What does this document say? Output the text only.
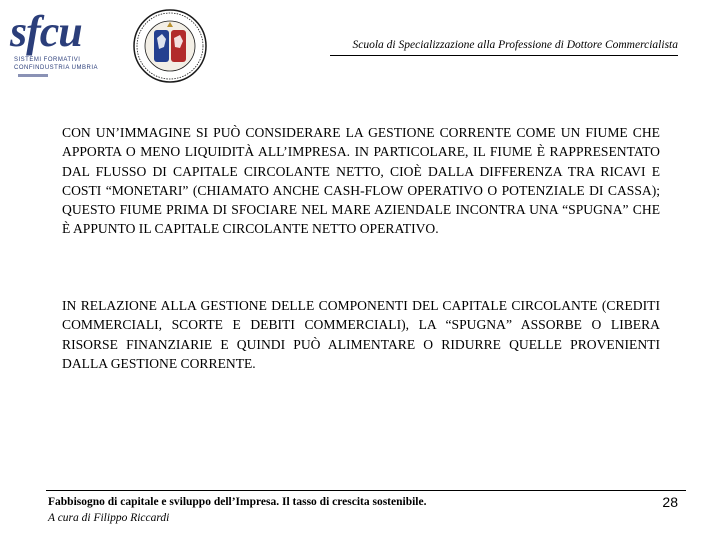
sfcu
SISTEMI FORMATIVI CONFINDUSTRIA UMBRIA
Scuola di Specializzazione alla Professione di Dottore Commercialista
CON UN’IMMAGINE SI PUÒ CONSIDERARE LA GESTIONE CORRENTE COME UN FIUME CHE APPORTA O MENO LIQUIDITÀ ALL’IMPRESA. IN PARTICOLARE, IL FIUME È RAPPRESENTATO DAL FLUSSO DI CAPITALE CIRCOLANTE NETTO, CIOÈ DALLA DIFFERENZA TRA RICAVI E COSTI “MONETARI” (CHIAMATO ANCHE CASH-FLOW OPERATIVO O POTENZIALE DI CASSA); QUESTO FIUME PRIMA DI SFOCIARE NEL MARE AZIENDALE INCONTRA UNA “SPUGNA” CHE È APPUNTO IL CAPITALE CIRCOLANTE NETTO OPERATIVO.
IN RELAZIONE ALLA GESTIONE DELLE COMPONENTI DEL CAPITALE CIRCOLANTE (CREDITI COMMERCIALI, SCORTE E DEBITI COMMERCIALI), LA “SPUGNA” ASSORBE O LIBERA RISORSE FINANZIARIE E QUINDI PUÒ ALIMENTARE O RIDURRE QUELLE PROVENIENTI DALLA GESTIONE CORRENTE.
Fabbisogno di capitale e sviluppo dell’Impresa. Il tasso di crescita sostenibile.
A cura di Filippo Riccardi
28
